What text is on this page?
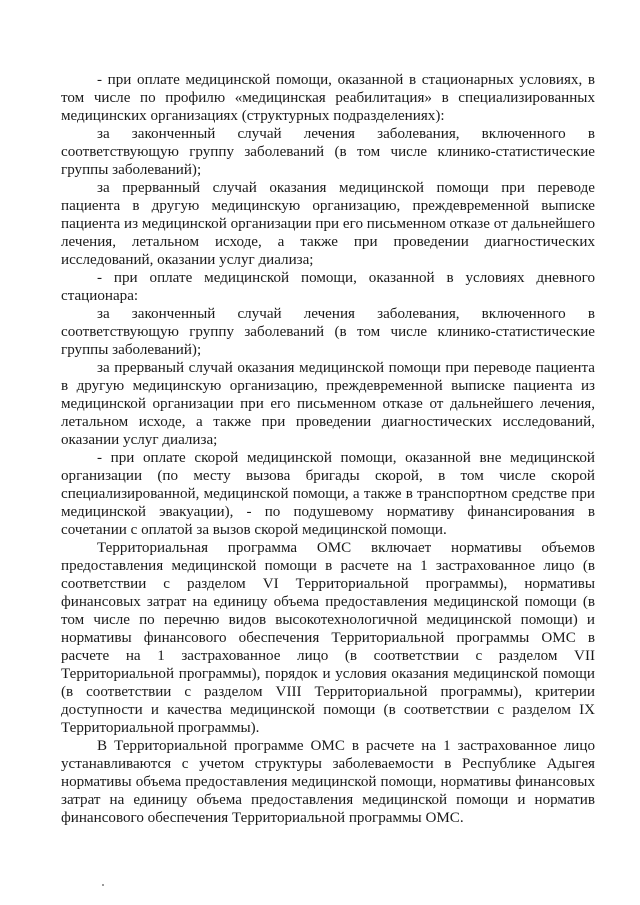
- при оплате медицинской помощи, оказанной в стационарных условиях, в том числе по профилю «медицинская реабилитация» в специализированных медицинских организациях (структурных подразделениях):

за законченный случай лечения заболевания, включенного в соответствующую группу заболеваний (в том числе клинико-статистические группы заболеваний);

за прерванный случай оказания медицинской помощи при переводе пациента в другую медицинскую организацию, преждевременной выписке пациента из медицинской организации при его письменном отказе от дальнейшего лечения, летальном исходе, а также при проведении диагностических исследований, оказании услуг диализа;

- при оплате медицинской помощи, оказанной в условиях дневного стационара:

за законченный случай лечения заболевания, включенного в соответствующую группу заболеваний (в том числе клинико-статистические группы заболеваний);

за прерваный случай оказания медицинской помощи при переводе пациента в другую медицинскую организацию, преждевременной выписке пациента из медицинской организации при его письменном отказе от дальнейшего лечения, летальном исходе, а также при проведении диагностических исследований, оказании услуг диализа;

- при оплате скорой медицинской помощи, оказанной вне медицинской организации (по месту вызова бригады скорой, в том числе скорой специализированной, медицинской помощи, а также в транспортном средстве при медицинской эвакуации), - по подушевому нормативу финансирования в сочетании с оплатой за вызов скорой медицинской помощи.

Территориальная программа ОМС включает нормативы объемов предоставления медицинской помощи в расчете на 1 застрахованное лицо (в соответствии с разделом VI Территориальной программы), нормативы финансовых затрат на единицу объема предоставления медицинской помощи (в том числе по перечню видов высокотехнологичной медицинской помощи) и нормативы финансового обеспечения Территориальной программы ОМС в расчете на 1 застрахованное лицо (в соответствии с разделом VII Территориальной программы), порядок и условия оказания медицинской помощи (в соответствии с разделом VIII Территориальной программы), критерии доступности и качества медицинской помощи (в соответствии с разделом IX Территориальной программы).

В Территориальной программе ОМС в расчете на 1 застрахованное лицо устанавливаются с учетом структуры заболеваемости в Республике Адыгея нормативы объема предоставления медицинской помощи, нормативы финансовых затрат на единицу объема предоставления медицинской помощи и норматив финансового обеспечения Территориальной программы ОМС.
